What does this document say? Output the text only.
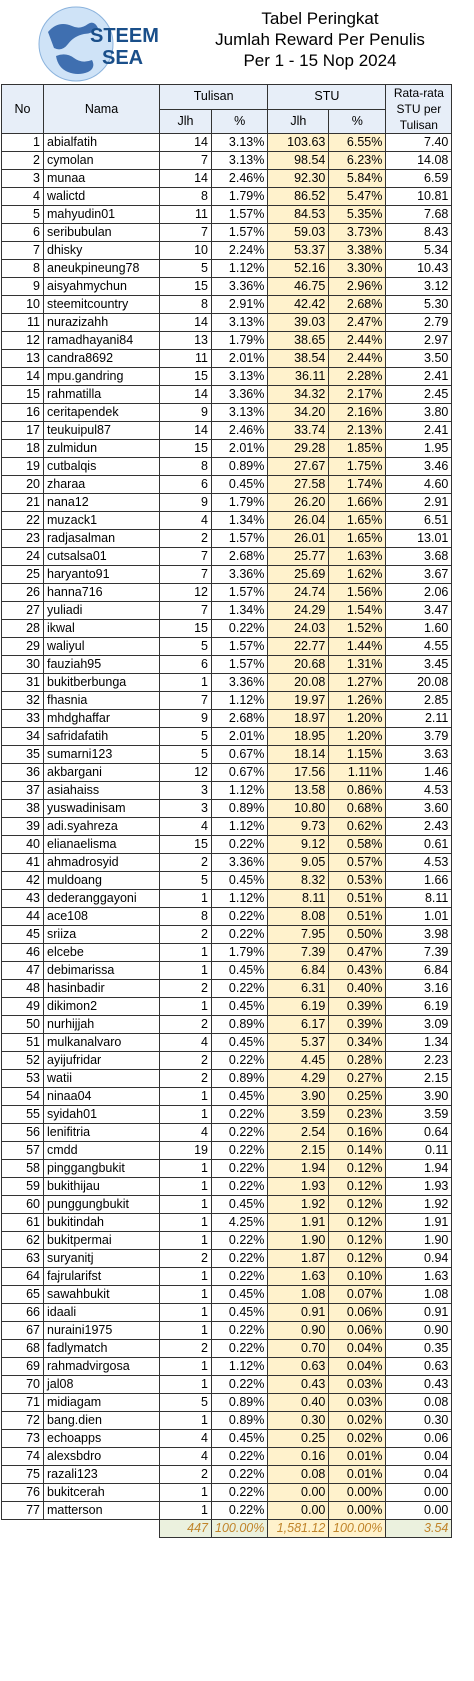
STEEM
SEA
Tabel Peringkat
Jumlah Reward Per Penulis
Per 1 - 15 Nop 2024
No	Nama	Tulisan		STU		Rata-rata STU per Tulisan
		Jlh	%	Jlh	%	
1	abialfatih	14	3.13%	103.63	6.55%	7.40
2	cymolan	7	3.13%	98.54	6.23%	14.08
3	munaa	14	2.46%	92.30	5.84%	6.59
4	walictd	8	1.79%	86.52	5.47%	10.81
5	mahyudin01	11	1.57%	84.53	5.35%	7.68
6	seribubulan	7	1.57%	59.03	3.73%	8.43
7	dhisky	10	2.24%	53.37	3.38%	5.34
8	aneukpineung78	5	1.12%	52.16	3.30%	10.43
9	aisyahmychun	15	3.36%	46.75	2.96%	3.12
10	steemitcountry	8	2.91%	42.42	2.68%	5.30
11	nurazizahh	14	3.13%	39.03	2.47%	2.79
12	ramadhayani84	13	1.79%	38.65	2.44%	2.97
13	candra8692	11	2.01%	38.54	2.44%	3.50
14	mpu.gandring	15	3.13%	36.11	2.28%	2.41
15	rahmatilla	14	3.36%	34.32	2.17%	2.45
16	ceritapendek	9	3.13%	34.20	2.16%	3.80
17	teukuipul87	14	2.46%	33.74	2.13%	2.41
18	zulmidun	15	2.01%	29.28	1.85%	1.95
19	cutbalqis	8	0.89%	27.67	1.75%	3.46
20	zharaa	6	0.45%	27.58	1.74%	4.60
21	nana12	9	1.79%	26.20	1.66%	2.91
22	muzack1	4	1.34%	26.04	1.65%	6.51
23	radjasalman	2	1.57%	26.01	1.65%	13.01
24	cutsalsa01	7	2.68%	25.77	1.63%	3.68
25	haryanto91	7	3.36%	25.69	1.62%	3.67
26	hanna716	12	1.57%	24.74	1.56%	2.06
27	yuliadi	7	1.34%	24.29	1.54%	3.47
28	ikwal	15	0.22%	24.03	1.52%	1.60
29	waliyul	5	1.57%	22.77	1.44%	4.55
30	fauziah95	6	1.57%	20.68	1.31%	3.45
31	bukitberbunga	1	3.36%	20.08	1.27%	20.08
32	fhasnia	7	1.12%	19.97	1.26%	2.85
33	mhdghaffar	9	2.68%	18.97	1.20%	2.11
34	safridafatih	5	2.01%	18.95	1.20%	3.79
35	sumarni123	5	0.67%	18.14	1.15%	3.63
36	akbargani	12	0.67%	17.56	1.11%	1.46
37	asiahaiss	3	1.12%	13.58	0.86%	4.53
38	yuswadinisam	3	0.89%	10.80	0.68%	3.60
39	adi.syahreza	4	1.12%	9.73	0.62%	2.43
40	elianaelisma	15	0.22%	9.12	0.58%	0.61
41	ahmadrosyid	2	3.36%	9.05	0.57%	4.53
42	muldoang	5	0.45%	8.32	0.53%	1.66
43	dederanggayoni	1	1.12%	8.11	0.51%	8.11
44	ace108	8	0.22%	8.08	0.51%	1.01
45	sriiza	2	0.22%	7.95	0.50%	3.98
46	elcebe	1	1.79%	7.39	0.47%	7.39
47	debimarissa	1	0.45%	6.84	0.43%	6.84
48	hasinbadir	2	0.22%	6.31	0.40%	3.16
49	dikimon2	1	0.45%	6.19	0.39%	6.19
50	nurhijjah	2	0.89%	6.17	0.39%	3.09
51	mulkanalvaro	4	0.45%	5.37	0.34%	1.34
52	ayijufridar	2	0.22%	4.45	0.28%	2.23
53	watii	2	0.89%	4.29	0.27%	2.15
54	ninaa04	1	0.45%	3.90	0.25%	3.90
55	syidah01	1	0.22%	3.59	0.23%	3.59
56	lenifitria	4	0.22%	2.54	0.16%	0.64
57	cmdd	19	0.22%	2.15	0.14%	0.11
58	pinggangbukit	1	0.22%	1.94	0.12%	1.94
59	bukithijau	1	0.22%	1.93	0.12%	1.93
60	punggungbukit	1	0.45%	1.92	0.12%	1.92
61	bukitindah	1	4.25%	1.91	0.12%	1.91
62	bukitpermai	1	0.22%	1.90	0.12%	1.90
63	suryanitj	2	0.22%	1.87	0.12%	0.94
64	fajrularifst	1	0.22%	1.63	0.10%	1.63
65	sawahbukit	1	0.45%	1.08	0.07%	1.08
66	idaali	1	0.45%	0.91	0.06%	0.91
67	nuraini1975	1	0.22%	0.90	0.06%	0.90
68	fadlymatch	2	0.22%	0.70	0.04%	0.35
69	rahmadvirgosa	1	1.12%	0.63	0.04%	0.63
70	jal08	1	0.22%	0.43	0.03%	0.43
71	midiagam	5	0.89%	0.40	0.03%	0.08
72	bang.dien	1	0.89%	0.30	0.02%	0.30
73	echoapps	4	0.45%	0.25	0.02%	0.06
74	alexsbdro	4	0.22%	0.16	0.01%	0.04
75	razali123	2	0.22%	0.08	0.01%	0.04
76	bukitcerah	1	0.22%	0.00	0.00%	0.00
77	matterson	1	0.22%	0.00	0.00%	0.00
		447	100.00%	1,581.12	100.00%	3.54
